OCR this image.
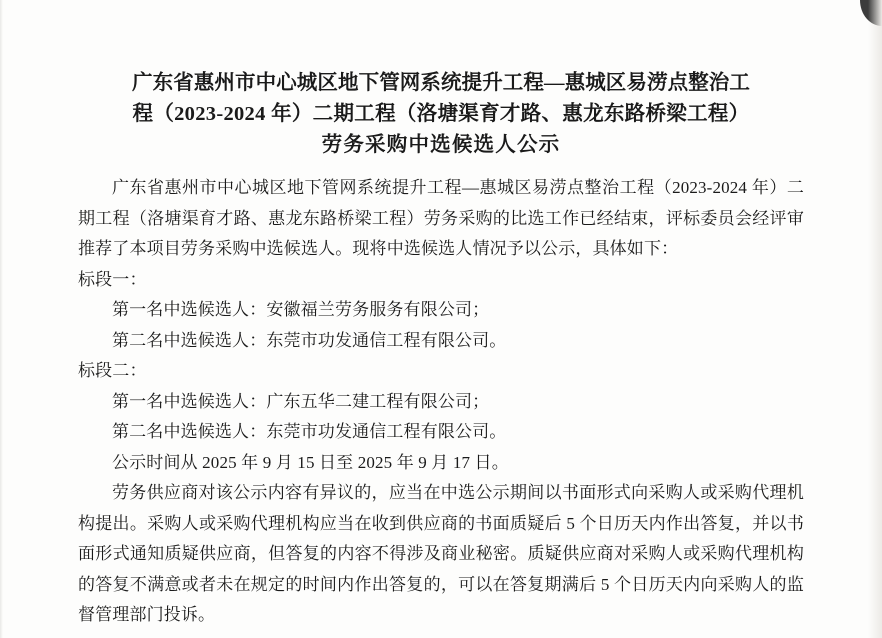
广东省惠州市中心城区地下管网系统提升工程—惠城区易涝点整治工
程（2023-2024 年）二期工程（洛塘渠育才路、惠龙东路桥梁工程）
劳务采购中选候选人公示

广东省惠州市中心城区地下管网系统提升工程—惠城区易涝点整治工程（2023-2024 年）二期工程（洛塘渠育才路、惠龙东路桥梁工程）劳务采购的比选工作已经结束，评标委员会经评审推荐了本项目劳务采购中选候选人。现将中选候选人情况予以公示，具体如下：

标段一：

第一名中选候选人：安徽福兰劳务服务有限公司；

第二名中选候选人：东莞市功发通信工程有限公司。

标段二：

第一名中选候选人：广东五华二建工程有限公司；

第二名中选候选人：东莞市功发通信工程有限公司。

公示时间从 2025 年 9 月 15 日至 2025 年 9 月 17 日。

劳务供应商对该公示内容有异议的，应当在中选公示期间以书面形式向采购人或采购代理机构提出。采购人或采购代理机构应当在收到供应商的书面质疑后 5 个日历天内作出答复，并以书面形式通知质疑供应商，但答复的内容不得涉及商业秘密。质疑供应商对采购人或采购代理机构的答复不满意或者未在规定的时间内作出答复的，可以在答复期满后 5 个日历天内向采购人的监督管理部门投诉。
